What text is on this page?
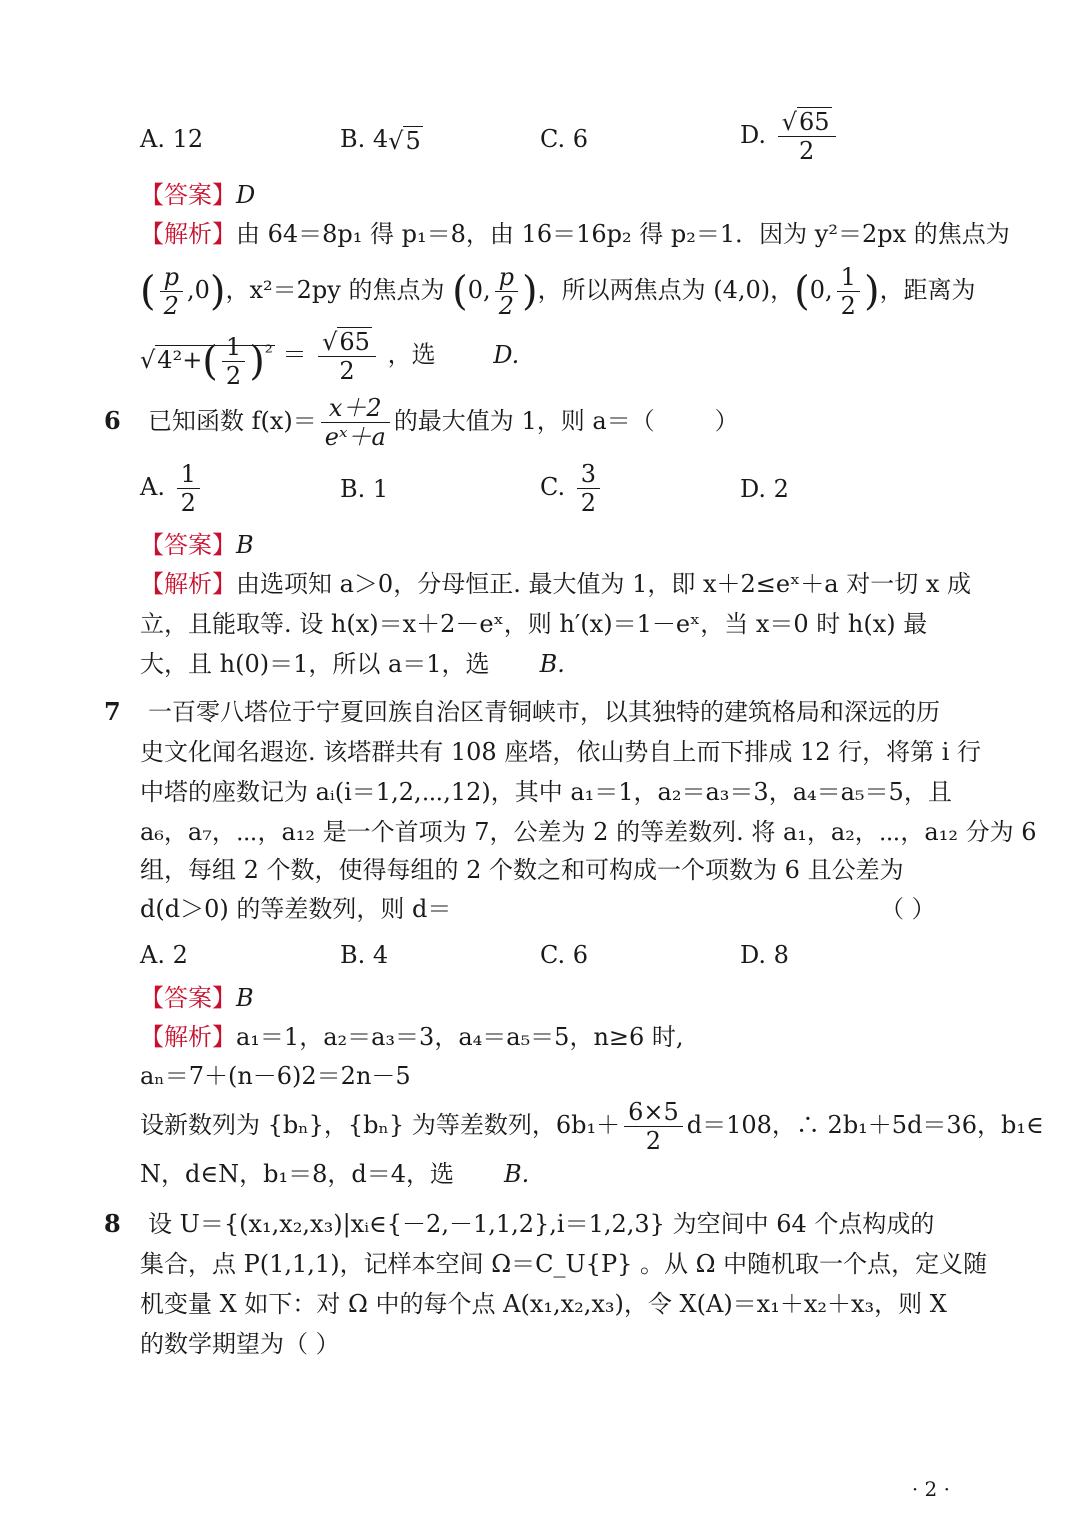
A. 12	B. 4√5	C. 6	D. $\frac{√65}{2}$
【答案】D
【解析】由 64＝8p₁ 得 p₁＝8，由 16＝16p₂ 得 p₂＝1．因为 y²＝2px 的焦点为
( $\frac{p}{2} ,0$)，x²＝2py 的焦点为 (0, $\frac{p}{2}$ )，所以两焦点为 (4,0)，(0, $\frac{1}{2}$ )，距离为
$√4^2+( \frac{1}{2} )^{^2} = \frac{√65}{2}$ ，选 D.
6 已知函数 $f(x)= \frac{x+2}{\text{eˣ＋a}}$ 的最大值为 1，则 a＝（	）
A. $\frac{1}{2}$	B. 1	C. $\frac{3}{2}$	D. 2
【答案】B
【解析】由选项知 a＞0，分母恒正. 最大值为 1，即 x＋2≤eˣ＋a 对一切 x 成
立，且能取等. 设 h(x)＝x＋2－eˣ，则 h′(x)＝1－eˣ，当 x＝0 时 h(x) 最
大，且 h(0)＝1，所以 a＝1，选 B.
7 一百零八塔位于宁夏回族自治区青铜峡市，以其独特的建筑格局和深远的历
史文化闻名遐迩. 该塔群共有 108 座塔，依山势自上而下排成 12 行，将第 i 行
中塔的座数记为 aᵢ(i＝1,2,⋯,12)，其中 a₁＝1，a₂＝a₃＝3，a₄＝a₅＝5，且
a₆，a₇，⋯，a₁₂ 是一个首项为 7，公差为 2 的等差数列. 将 a₁，a₂，⋯，a₁₂ 分为 6
组，每组 2 个数，使得每组的 2 个数之和可构成一个项数为 6 且公差为
d(d＞0) 的等差数列，则 d＝	（ ）
A. 2	B. 4	C. 6	D. 8
【答案】B
【解析】a₁＝1，a₂＝a₃＝3，a₄＝a₅＝5，n≥6 时,
aₙ＝7＋(n－6)2＝2n－5
设新数列为 {bₙ}，{bₙ} 为等差数列，$6b_1+ \frac{6\times 5}{2} d=108$，∴ 2b₁＋5d＝36，b₁∈
N，d∈N，b₁＝8，d＝4，选 B.
8 设 U＝{(x₁,x₂,x₃)|xᵢ∈{－2,－1,1,2},i＝1,2,3} 为空间中 64 个点构成的
集合，点 P(1,1,1)，记样本空间 Ω＝C_U{P} 。从 Ω 中随机取一个点，定义随
机变量 X 如下：对 Ω 中的每个点 A(x₁,x₂,x₃)，令 X(A)＝x₁＋x₂＋x₃，则 X
的数学期望为（ ）
· 2 ·
